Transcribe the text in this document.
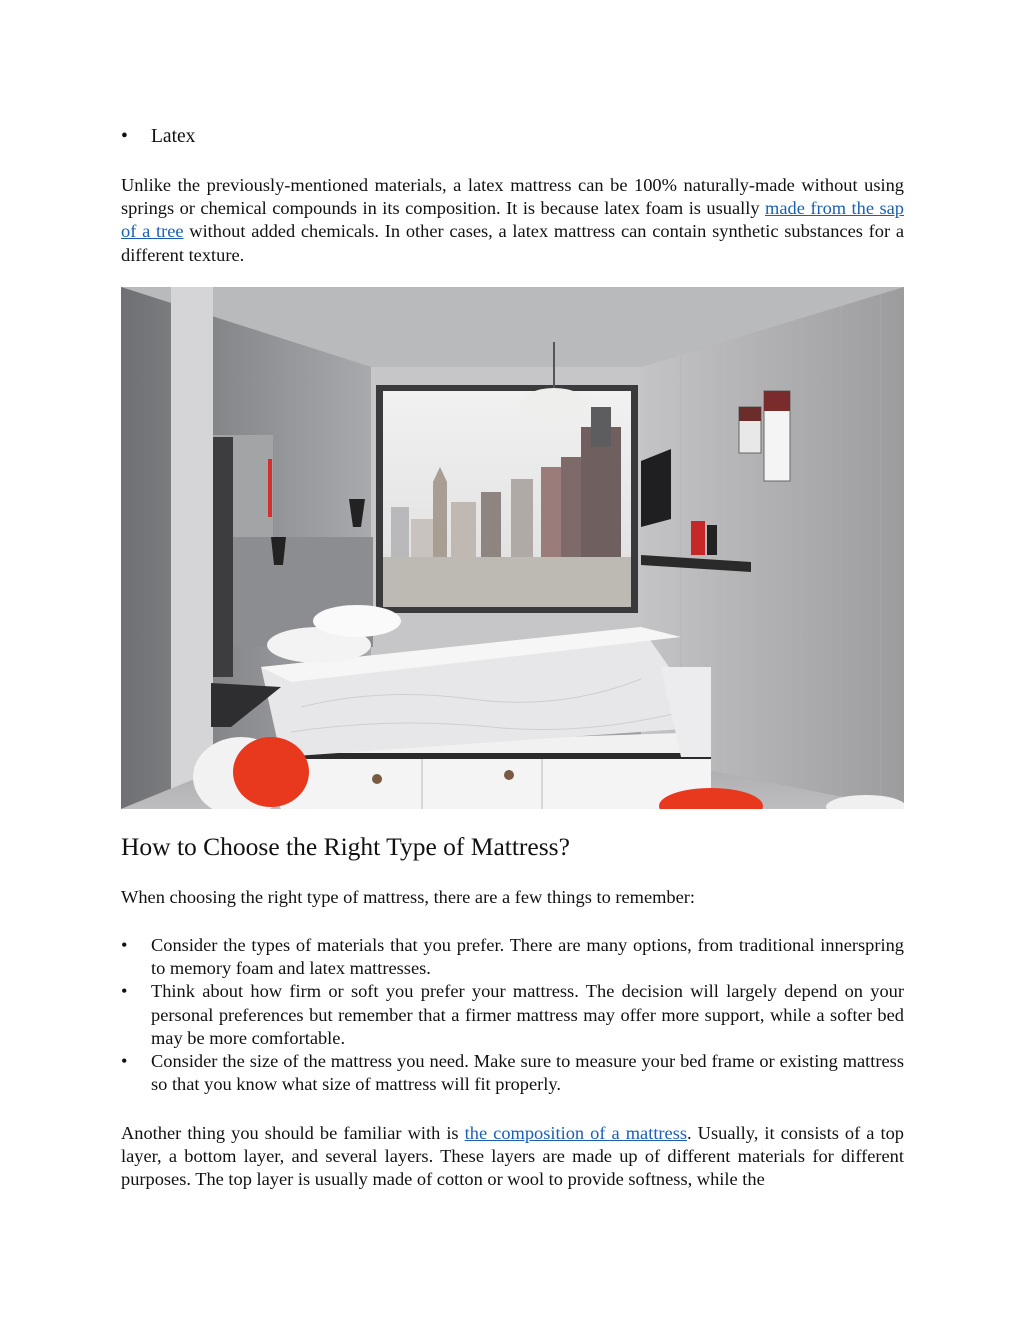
•	Latex

Unlike the previously-mentioned materials, a latex mattress can be 100% naturally-made without using springs or chemical compounds in its composition. It is because latex foam is usually made from the sap of a tree without added chemicals. In other cases, a latex mattress can contain synthetic substances for a different texture.

How to Choose the Right Type of Mattress?

When choosing the right type of mattress, there are a few things to remember:

• Consider the types of materials that you prefer. There are many options, from traditional innerspring to memory foam and latex mattresses.
• Think about how firm or soft you prefer your mattress. The decision will largely depend on your personal preferences but remember that a firmer mattress may offer more support, while a softer bed may be more comfortable.
• Consider the size of the mattress you need. Make sure to measure your bed frame or existing mattress so that you know what size of mattress will fit properly.

Another thing you should be familiar with is the composition of a mattress. Usually, it consists of a top layer, a bottom layer, and several layers. These layers are made up of different materials for different purposes. The top layer is usually made of cotton or wool to provide softness, while the
